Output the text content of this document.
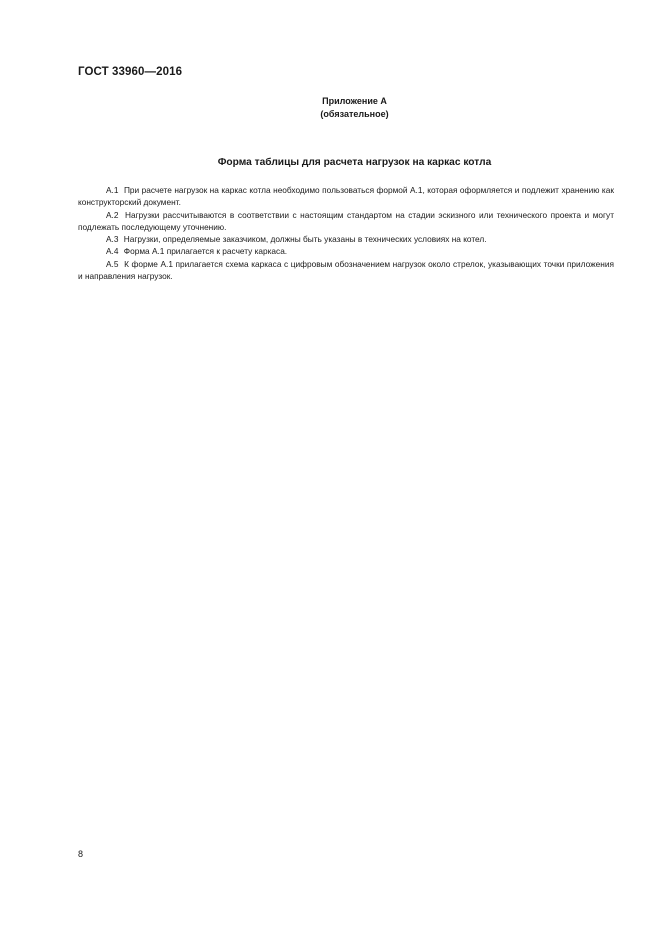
ГОСТ 33960—2016
Приложение А
(обязательное)
Форма таблицы для расчета нагрузок на каркас котла

А.1 При расчете нагрузок на каркас котла необходимо пользоваться формой А.1, которая оформляется и подлежит хранению как конструкторский документ.

А.2 Нагрузки рассчитываются в соответствии с настоящим стандартом на стадии эскизного или технического проекта и могут подлежать последующему уточнению.

А.3 Нагрузки, определяемые заказчиком, должны быть указаны в технических условиях на котел.

А.4 Форма А.1 прилагается к расчету каркаса.

А.5 К форме А.1 прилагается схема каркаса с цифровым обозначением нагрузок около стрелок, указывающих точки приложения и направления нагрузок.

8
